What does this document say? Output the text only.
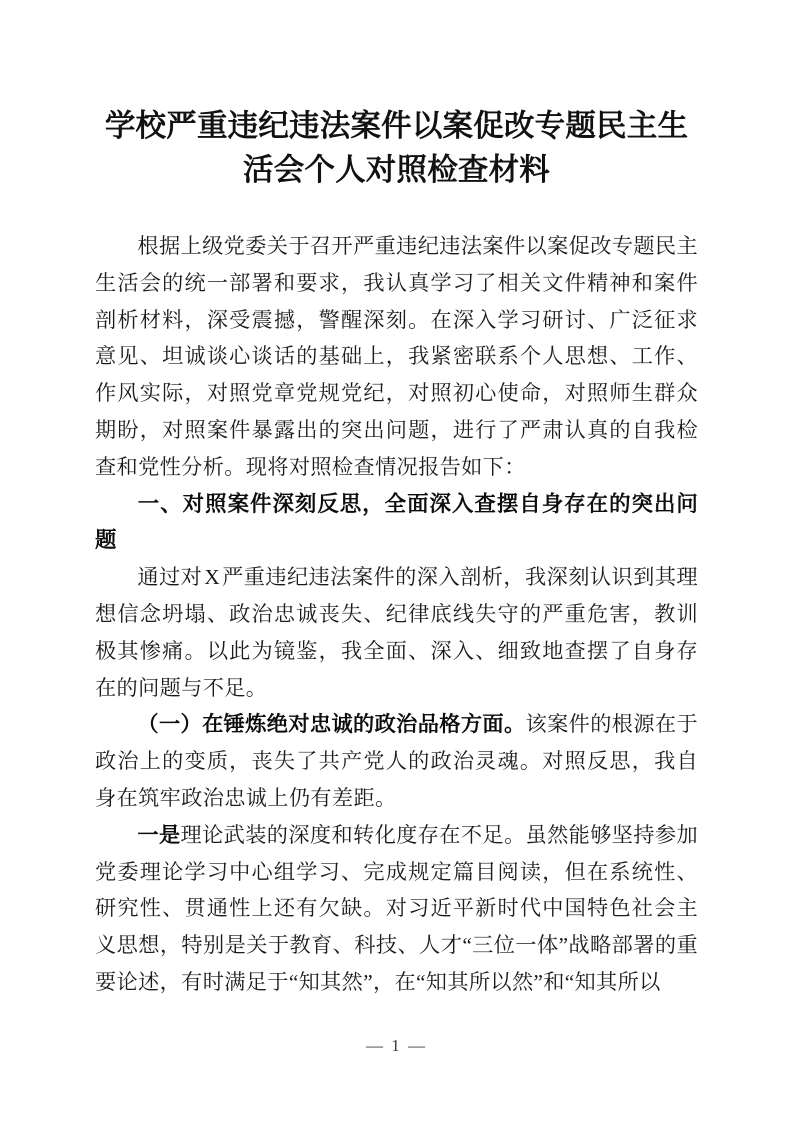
学校严重违纪违法案件以案促改专题民主生活会个人对照检查材料

根据上级党委关于召开严重违纪违法案件以案促改专题民主生活会的统一部署和要求，我认真学习了相关文件精神和案件剖析材料，深受震撼，警醒深刻。在深入学习研讨、广泛征求意见、坦诚谈心谈话的基础上，我紧密联系个人思想、工作、作风实际，对照党章党规党纪，对照初心使命，对照师生群众期盼，对照案件暴露出的突出问题，进行了严肃认真的自我检查和党性分析。现将对照检查情况报告如下：

一、对照案件深刻反思，全面深入查摆自身存在的突出问题

通过对X严重违纪违法案件的深入剖析，我深刻认识到其理想信念坍塌、政治忠诚丧失、纪律底线失守的严重危害，教训极其惨痛。以此为镜鉴，我全面、深入、细致地查摆了自身存在的问题与不足。

（一）在锤炼绝对忠诚的政治品格方面。该案件的根源在于政治上的变质，丧失了共产党人的政治灵魂。对照反思，我自身在筑牢政治忠诚上仍有差距。

一是理论武装的深度和转化度存在不足。虽然能够坚持参加党委理论学习中心组学习、完成规定篇目阅读，但在系统性、研究性、贯通性上还有欠缺。对习近平新时代中国特色社会主义思想，特别是关于教育、科技、人才“三位一体”战略部署的重要论述，有时满足于“知其然”，在“知其所以然”和“知其所以

— 1 —
